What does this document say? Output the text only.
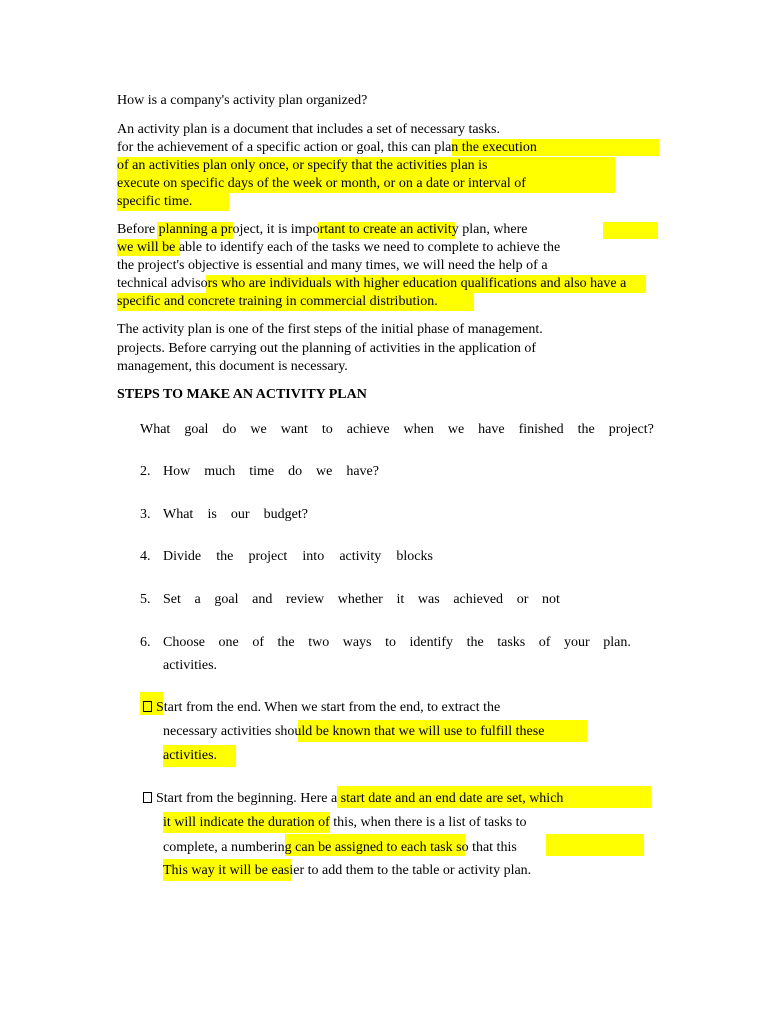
How is a company's activity plan organized?
An activity plan is a document that includes a set of necessary tasks.
for the achievement of a specific action or goal, this can plan the execution
of an activities plan only once, or specify that the activities plan is
execute on specific days of the week or month, or on a date or interval of
specific time.
Before planning a project, it is important to create an activity plan, where
we will be able to identify each of the tasks we need to complete to achieve the
the project's objective is essential and many times, we will need the help of a
technical advisors who are individuals with higher education qualifications and also have a
specific and concrete training in commercial distribution.
The activity plan is one of the first steps of the initial phase of management.
projects. Before carrying out the planning of activities in the application of
management, this document is necessary.
STEPS TO MAKE AN ACTIVITY PLAN
What goal do we want to achieve when we have finished the project?
2. How much time do we have?
3. What is our budget?
4. Divide the project into activity blocks
5. Set a goal and review whether it was achieved or not
6. Choose one of the two ways to identify the tasks of your plan.
activities.
Start from the end. When we start from the end, to extract the
necessary activities should be known that we will use to fulfill these
activities.
Start from the beginning. Here a start date and an end date are set, which
it will indicate the duration of this, when there is a list of tasks to
complete, a numbering can be assigned to each task so that this
This way it will be easier to add them to the table or activity plan.
